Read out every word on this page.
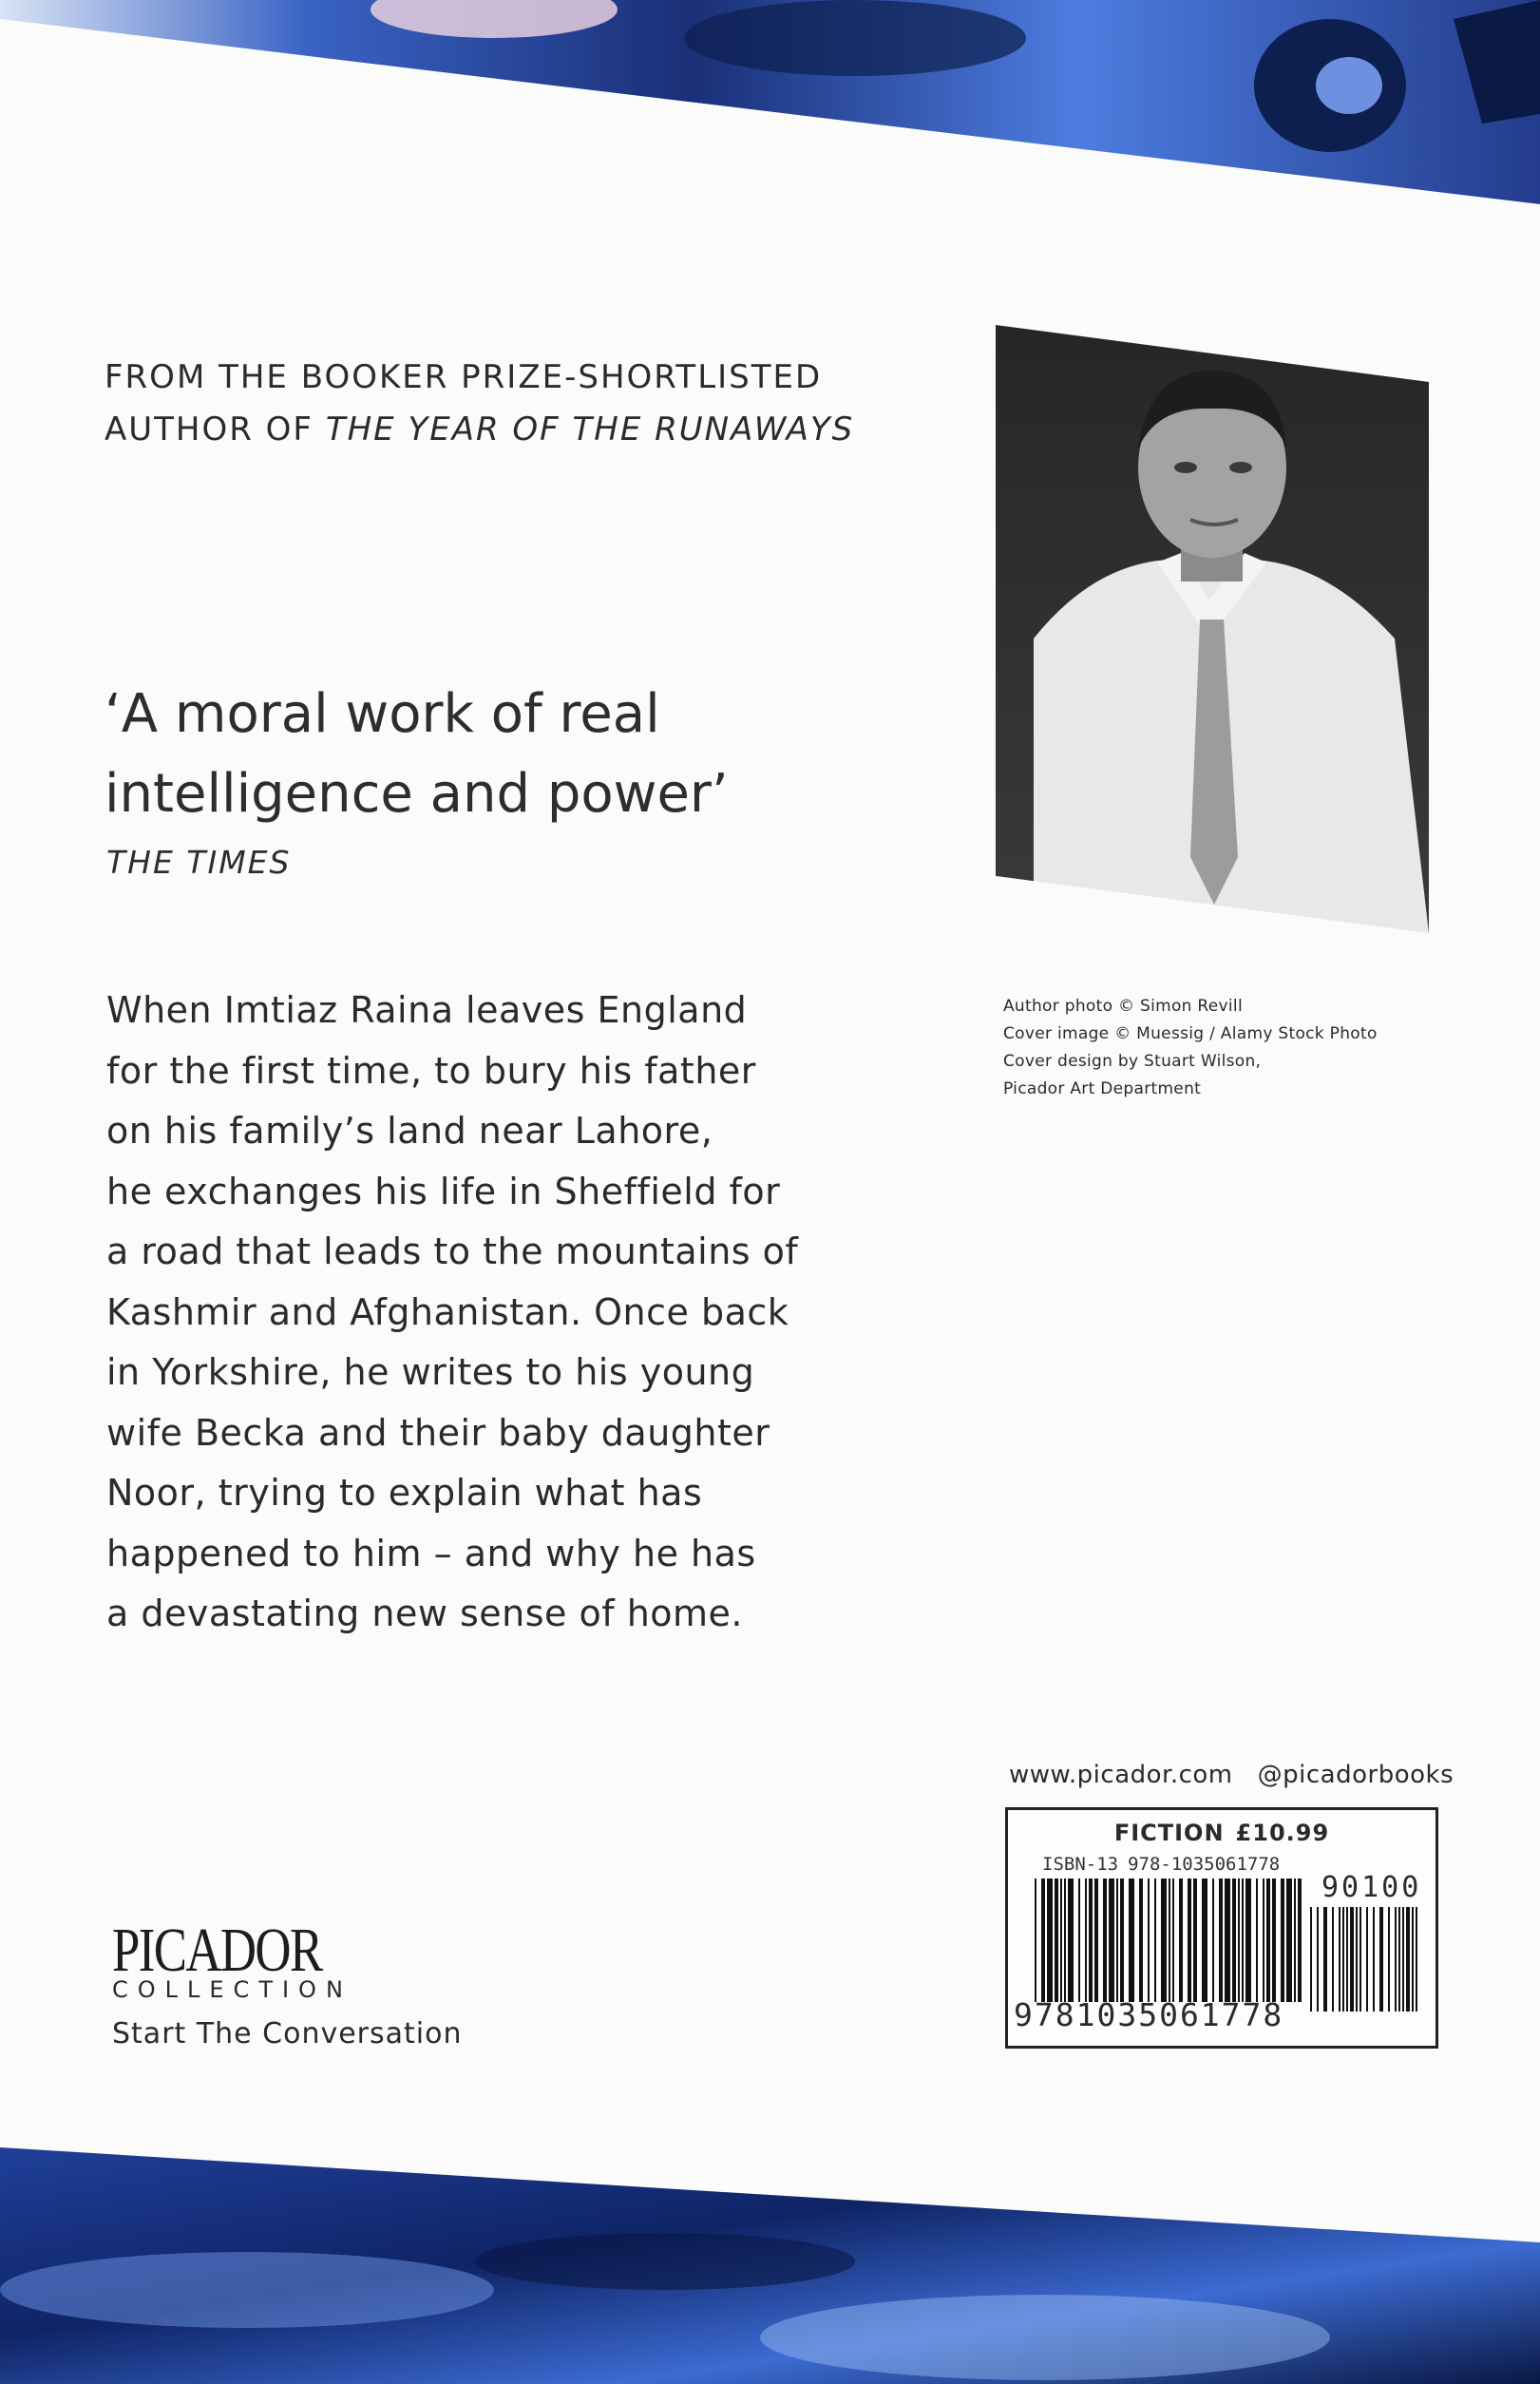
FROM THE BOOKER PRIZE-SHORTLISTED
AUTHOR OF THE YEAR OF THE RUNAWAYS
‘A moral work of real intelligence and power’
THE TIMES
When Imtiaz Raina leaves England
for the first time, to bury his father
on his family’s land near Lahore,
he exchanges his life in Sheffield for
a road that leads to the mountains of
Kashmir and Afghanistan. Once back
in Yorkshire, he writes to his young
wife Becka and their baby daughter
Noor, trying to explain what has
happened to him – and why he has
a devastating new sense of home.
Author photo © Simon Revill
Cover image © Muessig / Alamy Stock Photo
Cover design by Stuart Wilson,
Picador Art Department
www.picador.com @picadorbooks
FICTION £10.99
ISBN-13 978-1035061778
90100
9781035061778
PICADOR
COLLECTION
Start The Conversation
